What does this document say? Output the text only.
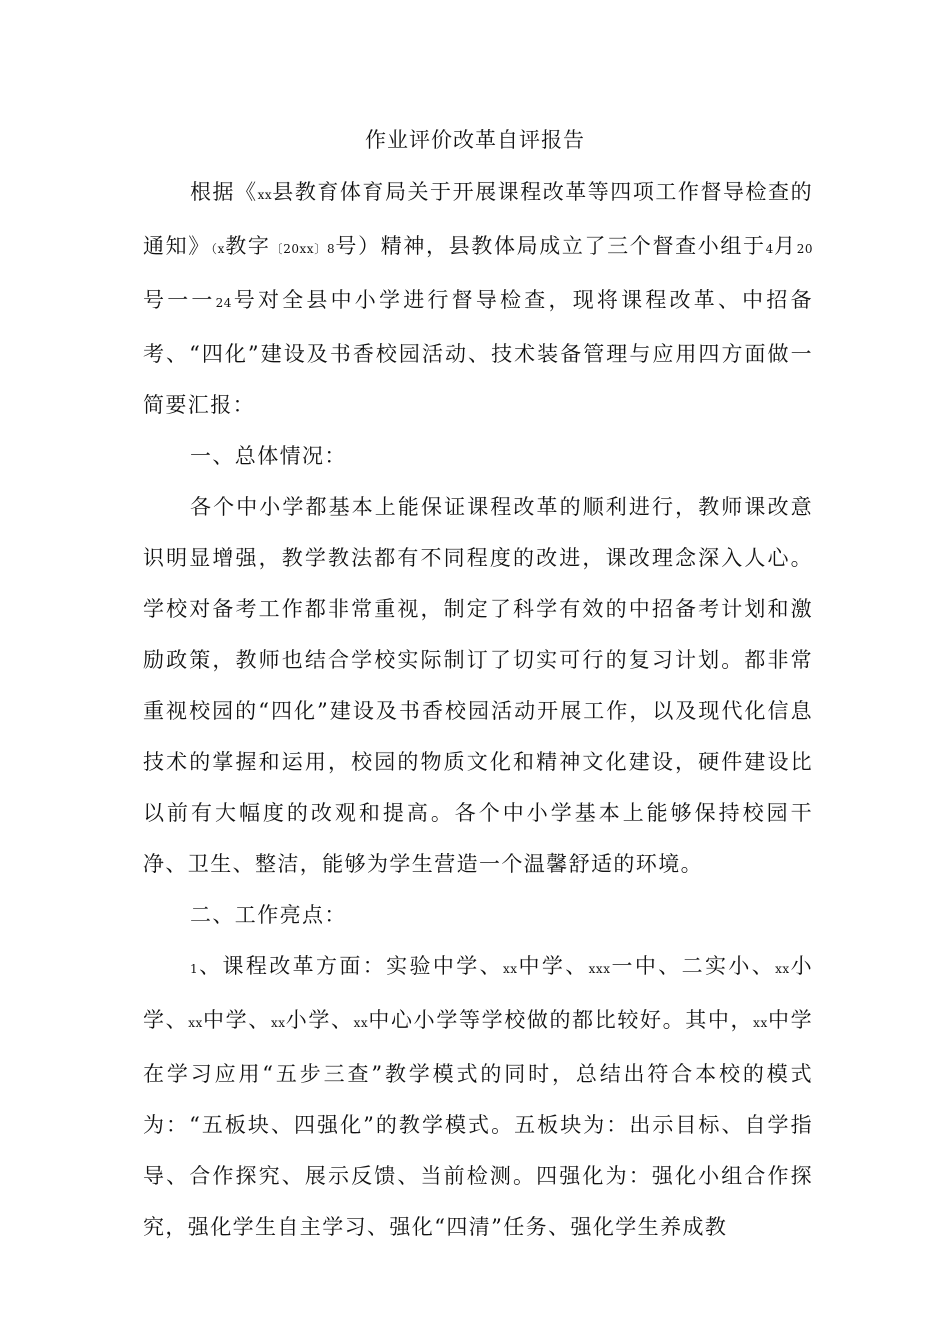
作业评价改革自评报告

根据《xx县教育体育局关于开展课程改革等四项工作督导检查的通知》（x教字〔20xx〕8号）精神，县教体局成立了三个督查小组于4月20号一一24号对全县中小学进行督导检查，现将课程改革、中招备考、“四化”建设及书香校园活动、技术装备管理与应用四方面做一简要汇报：

一、总体情况：

各个中小学都基本上能保证课程改革的顺利进行，教师课改意识明显增强，教学教法都有不同程度的改进，课改理念深入人心。学校对备考工作都非常重视，制定了科学有效的中招备考计划和激励政策，教师也结合学校实际制订了切实可行的复习计划。都非常重视校园的“四化”建设及书香校园活动开展工作，以及现代化信息技术的掌握和运用，校园的物质文化和精神文化建设，硬件建设比以前有大幅度的改观和提高。各个中小学基本上能够保持校园干净、卫生、整洁，能够为学生营造一个温馨舒适的环境。

二、工作亮点：

1、课程改革方面：实验中学、xx中学、xxx一中、二实小、xx小学、xx中学、xx小学、xx中心小学等学校做的都比较好。其中，xx中学在学习应用“五步三查”教学模式的同时，总结出符合本校的模式为：“五板块、四强化”的教学模式。五板块为：出示目标、自学指导、合作探究、展示反馈、当前检测。四强化为：强化小组合作探究，强化学生自主学习、强化“四清”任务、强化学生养成教
